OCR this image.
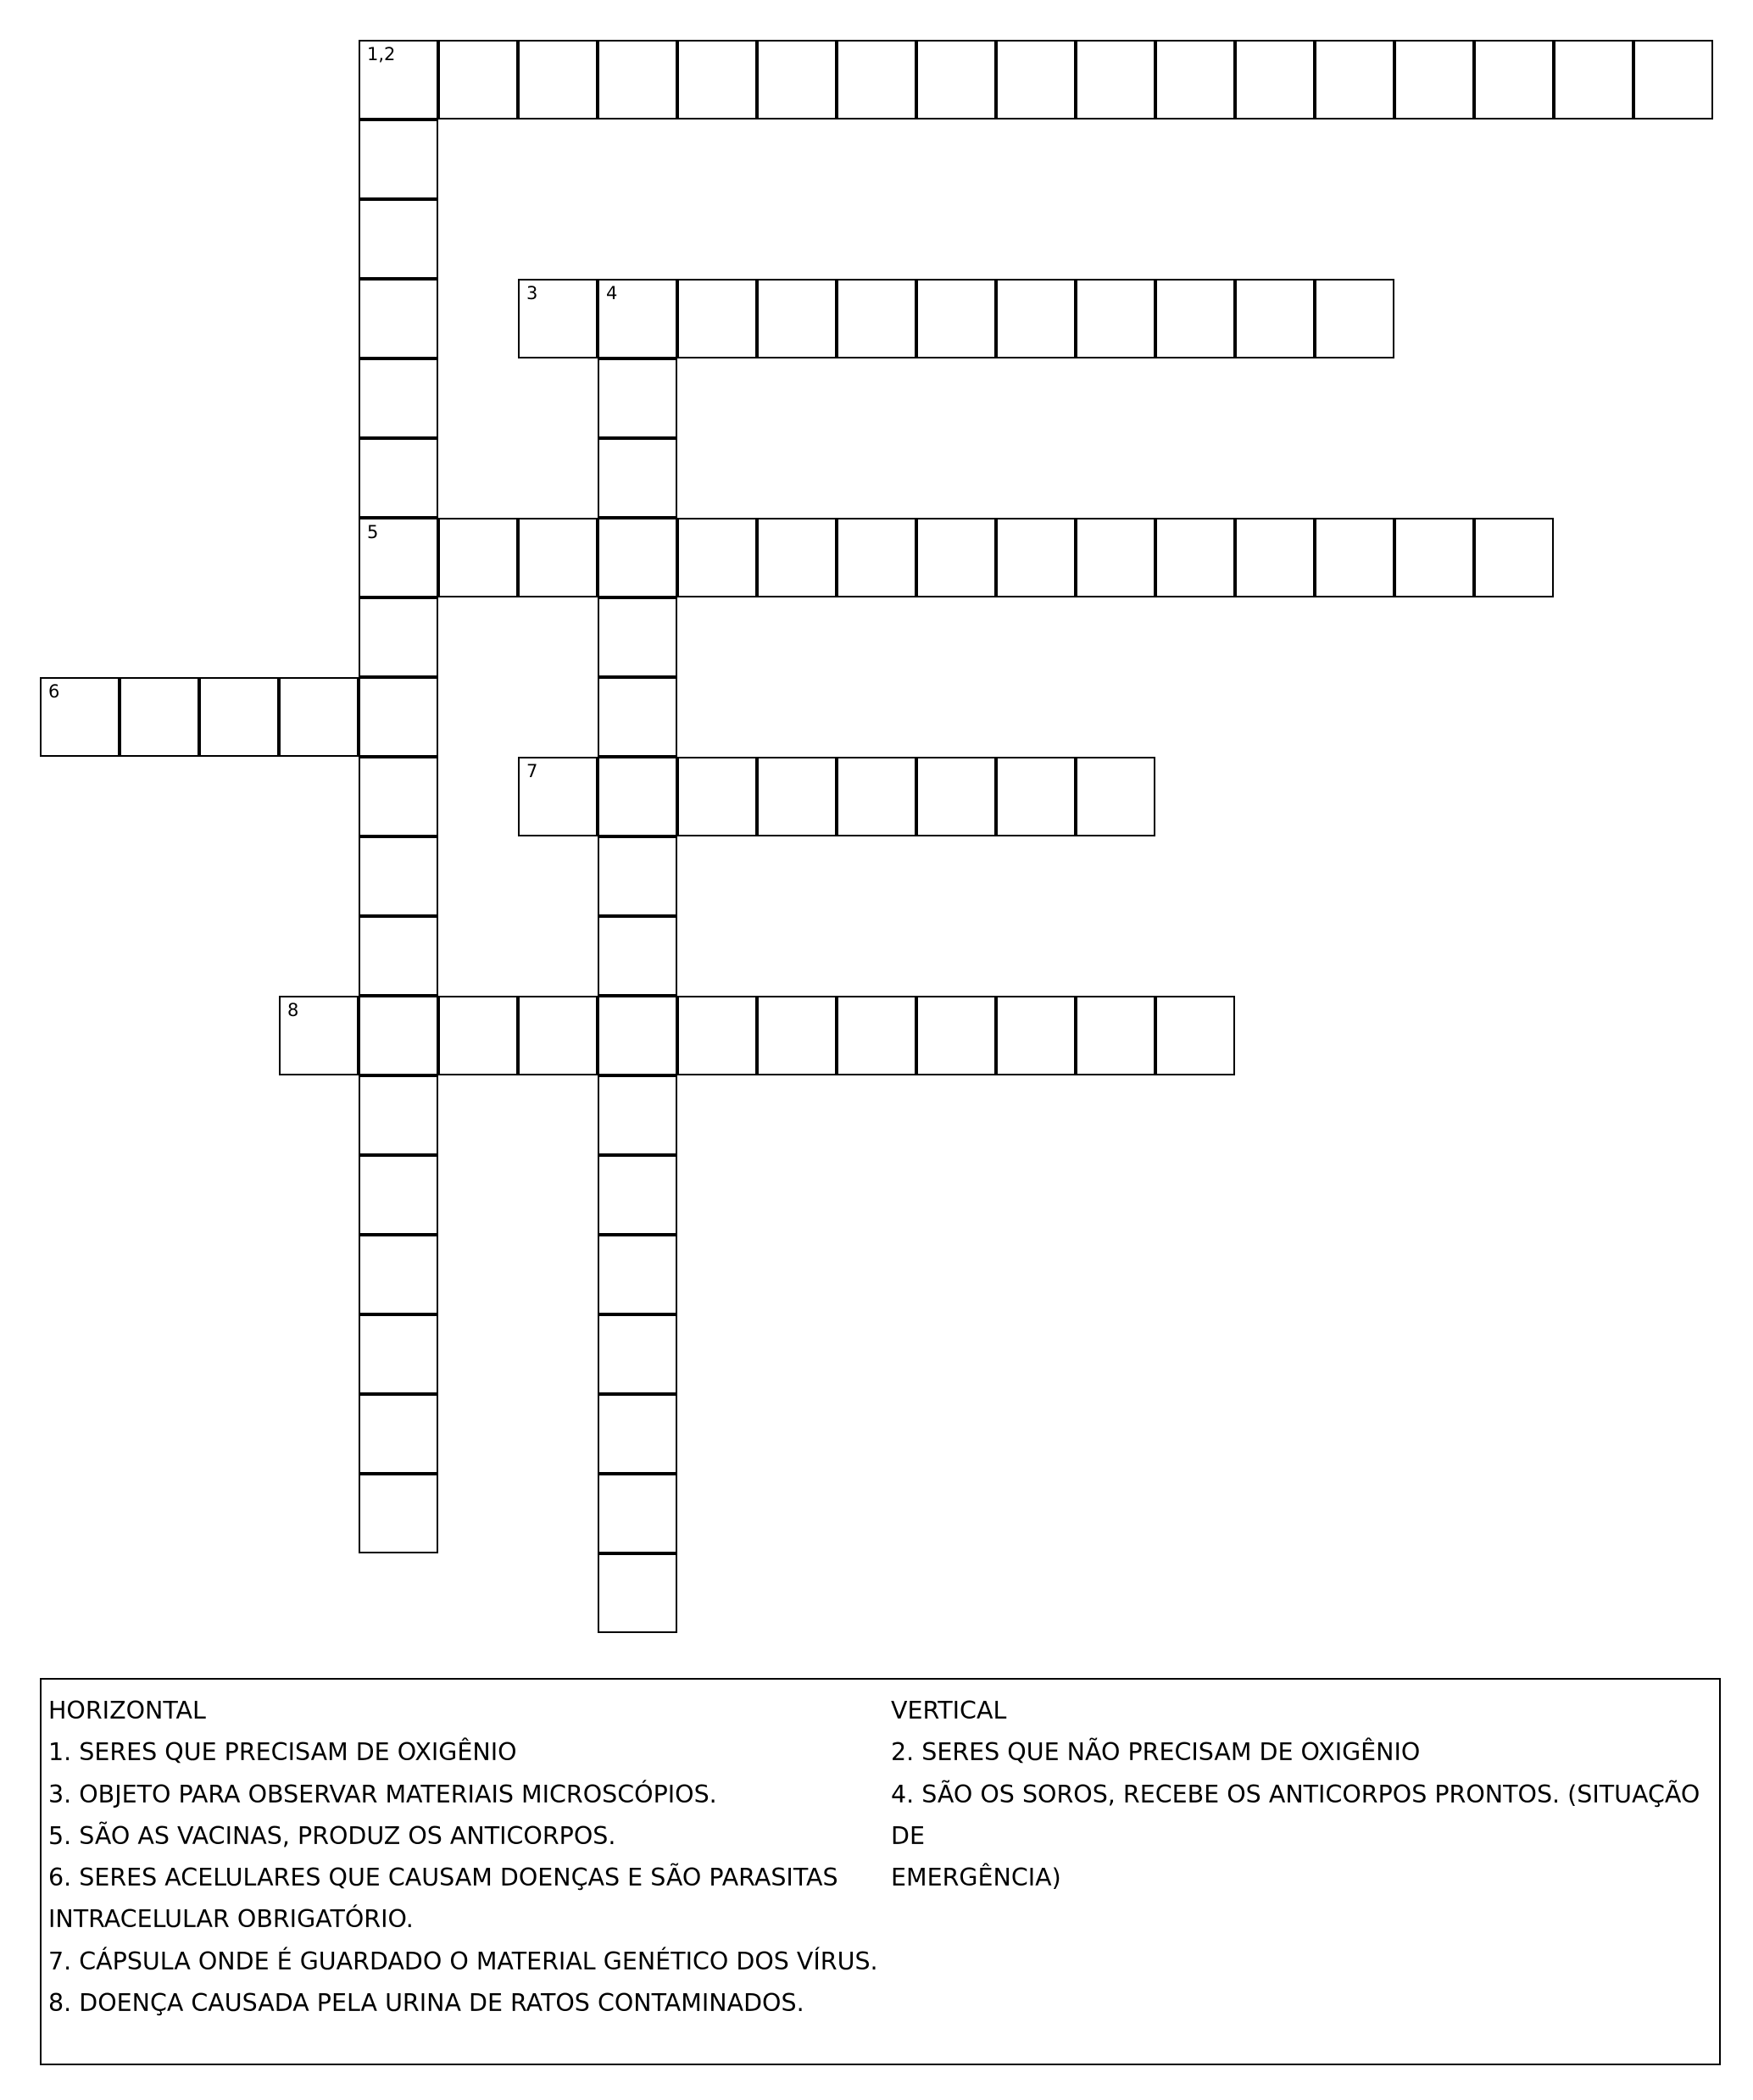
1,2
5
3	4
6
7
8
HORIZONTAL
1. SERES QUE PRECISAM DE OXIGÊNIO
3. OBJETO PARA OBSERVAR MATERIAIS MICROSCÓPIOS.
5. SÃO AS VACINAS, PRODUZ OS ANTICORPOS.
6. SERES ACELULARES QUE CAUSAM DOENÇAS E SÃO PARASITAS
INTRACELULAR OBRIGATÓRIO.
7. CÁPSULA ONDE É GUARDADO O MATERIAL GENÉTICO DOS VÍRUS.
8. DOENÇA CAUSADA PELA URINA DE RATOS CONTAMINADOS.
VERTICAL
2. SERES QUE NÃO PRECISAM DE OXIGÊNIO
4. SÃO OS SOROS, RECEBE OS ANTICORPOS PRONTOS. (SITUAÇÃO DE
EMERGÊNCIA)
